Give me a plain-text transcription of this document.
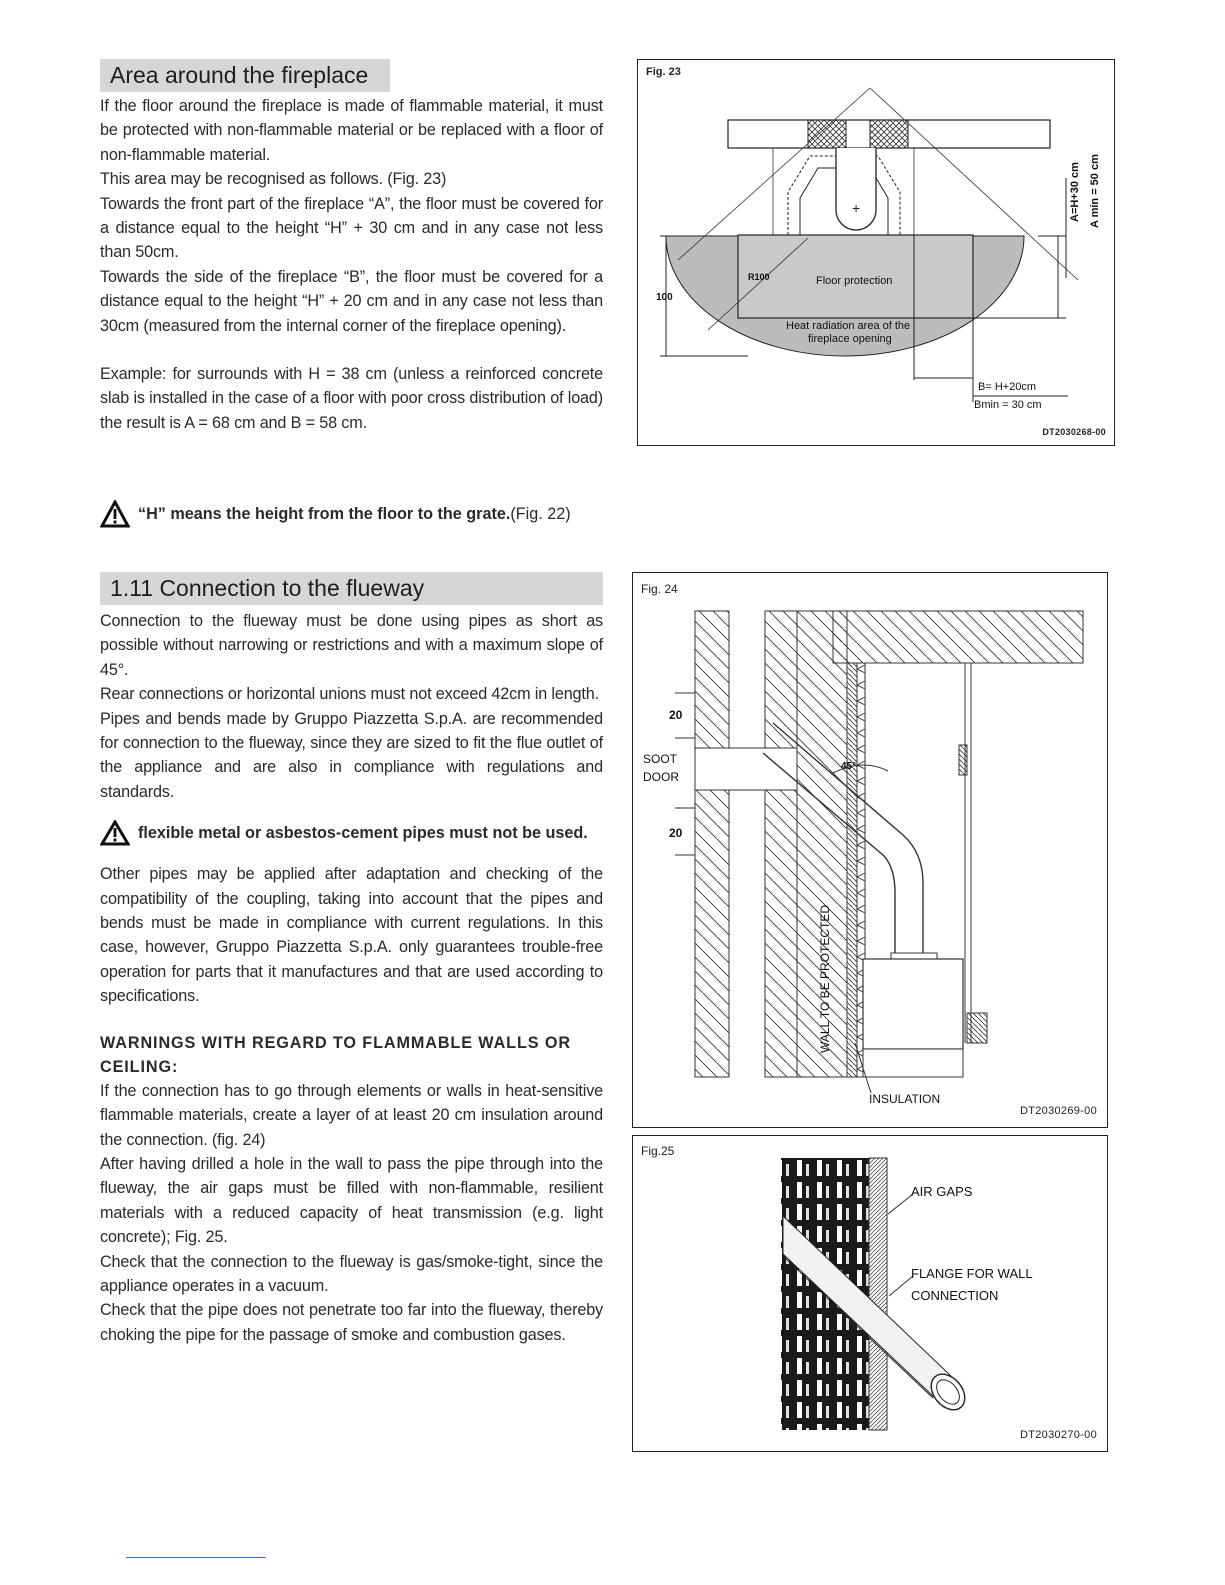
Area around the fireplace

If the floor around the fireplace is made of flammable material, it must be protected with non-flammable material or be replaced with a floor of non-flammable material.

This area may be recognised as follows. (Fig. 23)

Towards the front part of the fireplace “A”, the floor must be covered for a distance equal to the height “H” + 30 cm and in any case not less than 50cm.

Towards the side of the fireplace “B”, the floor must be covered for a distance equal to the height “H” + 20 cm and in any case not less than 30cm (measured from the internal corner of the fireplace opening).

Example: for surrounds with H = 38 cm (unless a reinforced concrete slab is installed in the case of a floor with poor cross distribution of load) the result is A = 68 cm and B = 58 cm.

“H” means the height from the floor to the grate. (Fig. 22)
1.11 Connection to the flueway

Connection to the flueway must be done using pipes as short as possible without narrowing or restrictions and with a maximum slope of 45°.

Rear connections or horizontal unions must not exceed 42cm in length.

Pipes and bends made by Gruppo Piazzetta S.p.A. are recommended for connection to the flueway, since they are sized to fit the flue outlet of the appliance and are also in compliance with regulations and standards.

flexible metal or asbestos-cement pipes must not be used.

Other pipes may be applied after adaptation and checking of the compatibility of the coupling, taking into account that the pipes and bends must be made in compliance with current regulations. In this case, however, Gruppo Piazzetta S.p.A. only guarantees trouble-free operation for parts that it manufactures and that are used according to specifications.

WARNINGS WITH REGARD TO FLAMMABLE WALLS OR CEILING:

If the connection has to go through elements or walls in heat-sensitive flammable materials, create a layer of at least 20 cm insulation around the connection. (fig. 24)

After having drilled a hole in the wall to pass the pipe through into the flueway, the air gaps must be filled with non-flammable, resilient materials with a reduced capacity of heat transmission (e.g. light concrete); Fig. 25.

Check that the connection to the flueway is gas/smoke-tight, since the appliance operates in a vacuum.

Check that the pipe does not penetrate too far into the flueway, thereby choking the pipe for the passage of smoke and combustion gases.

Fig. 23
+
100
A=H+30 cm A min = 50 cm
B= H+20cm
Bmin = 30 cm
R100	Floor protection
Heat radiation area of the
fireplace opening
DT2030268-00
Fig. 24
20
20
45°
SOOT
DOOR
WALL TO BE PROTECTED
INSULATION
DT2030269-00
Fig.25
AIR GAPS
FLANGE FOR WALL
CONNECTION
DT2030270-00
